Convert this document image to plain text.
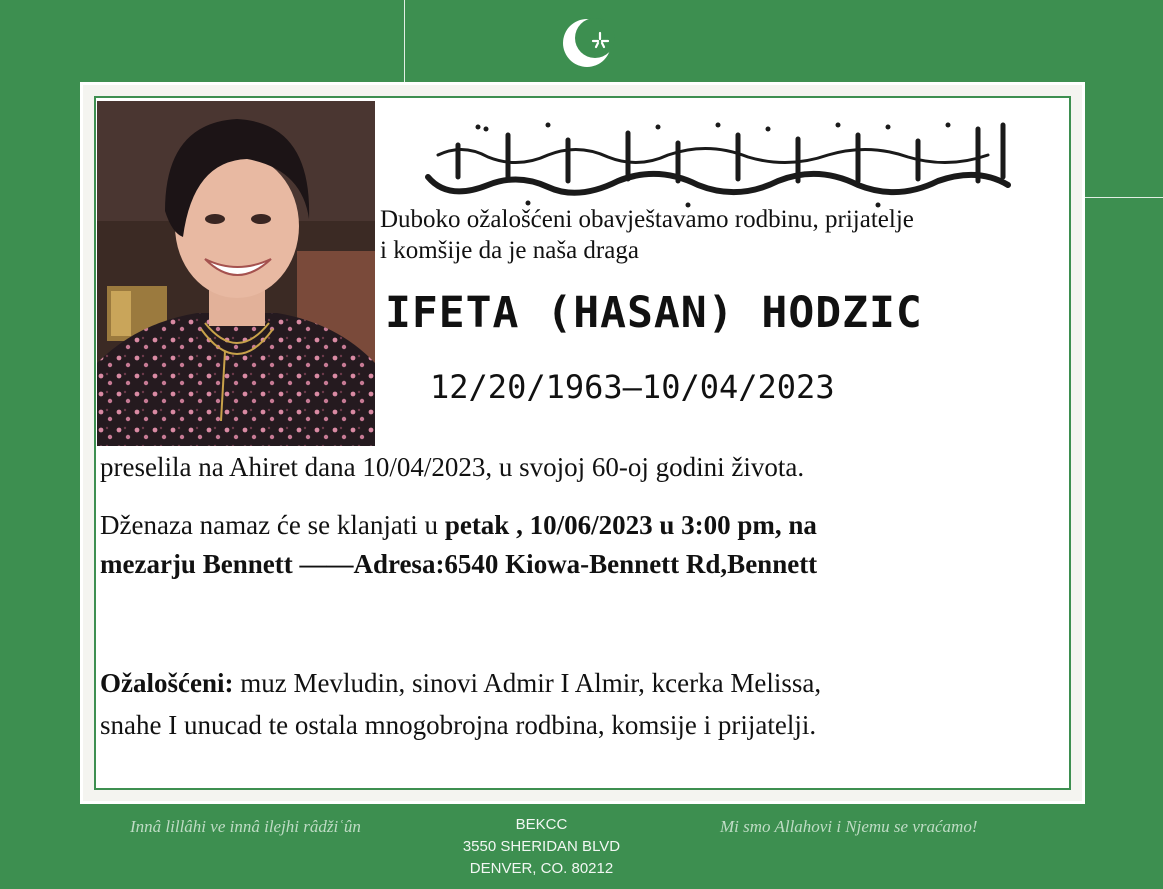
Duboko ožalošćeni obavještavamo rodbinu, prijatelje
i komšije da je naša draga
IFETA (HASAN) HODZIC
12/20/1963—10/04/2023
preselila na Ahiret dana 10/04/2023, u svojoj 60-oj godini života.
Dženaza namaz će se klanjati u petak , 10/06/2023 u 3:00 pm, na
mezarju Bennett ——Adresa:6540 Kiowa-Bennett Rd,Bennett
Ožalošćeni: muz Mevludin, sinovi Admir I Almir, kcerka Melissa,
snahe I unucad te ostala mnogobrojna rodbina, komsije i prijatelji.
Innâ lillâhi ve innâ ilejhi râdžiʿûn	BEKCC
3550 SHERIDAN BLVD
DENVER, CO. 80212
Mi smo Allahovi i Njemu se vraćamo!
